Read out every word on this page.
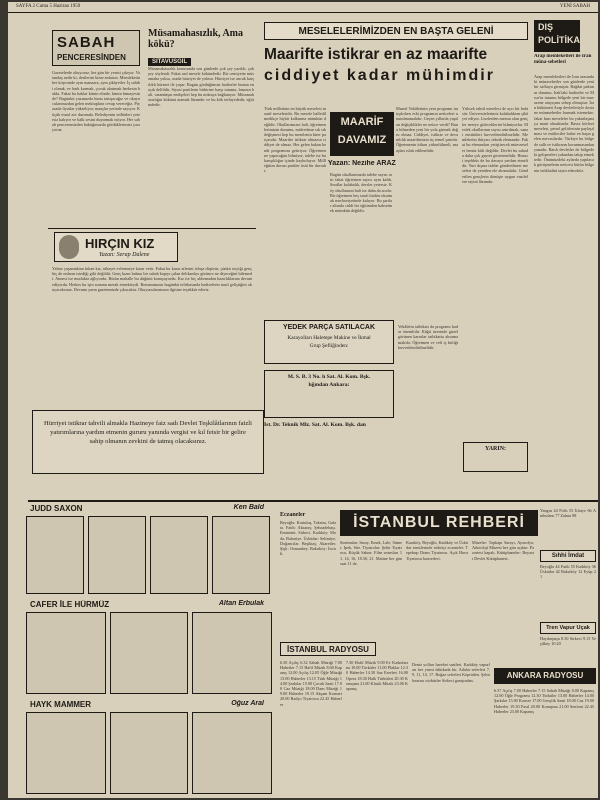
SAYFA 2 Cuma 5 Haziran 1959	YENİ SABAH
SABAH
PENCERESİNDEN
Gazetelerde okuyoruz, her gün bir yenisi çıkıyor. Vatandaş nedir ki, dertlerini kime anlatsın. Memleketin her köşesinde aynı manzara, aynı şikâyetler. İş sahibi olmak, ev bark kurmak, çocuk okutmak herkesin hakkı. Fakat bu haklar kimin elinde, kimin himayesinde? Bugünkü yazımızda bunu tartışacağız ve okuyucularımızdan gelen mektuplara cevap vereceğiz. Piyasada fiyatlar yükseliyor, maaşlar yerinde sayıyor. Küçük esnaf zor durumda. Belediyenin tedbirleri yetersiz kalıyor ve halk sesini duyurmak istiyor. Her sabah penceremizden baktığımızda gördüklerimizi yazıyoruz.
Müsamahasızlık, Ama kökü?
SITAVUSGIL
Müsamahasızlık konusunda son günlerde çok şey yazıldı, çok şey söylendi. Fakat asıl mesele kökündedir. Bir cemiyette müsamaha yoksa, orada hürriyet de yoktur. Hürriyet ise ancak karşılıklı hürmet ile yaşar. Bugün gördüğümüz hadiseler bunun en açık delilidir. Siyasi partilerin birbirine karşı tutumu, basının hali, vatandaşın endişeleri hep bu noktaya bağlanıyor. Müsamahasızlığın kökünü aramak lâzımdır ve bu kök terbiyededir, eğitimdedir.
HIRÇIN KIZ
Yazan: Serap Dalene
Yalnız yaşamaktan bıkan kız, nihayet evlenmeye karar verir. Fakat bu karar ailesini telaşa düşürür, çünkü seçtiği genç hiç de onların istediği gibi değildir. Genç kızın babası bir sabah kapıyı çalan delikanlıyı görünce ne diyeceğini bilemedi. Annesi ise mutfakta ağlıyordu. Bütün mahalle bu düğünü konuşuyordu. Kız ise hiç aldırmadan hazırlıklarına devam ediyordu. Herkes bu işin sonunu merak etmekteydi. Romanımızın bugünkü tefrikasında hadiselerin nasıl geliştiğini okuyacaksınız. Devamı yarın gazetemizde çıkacaktır. Okuyucularımızın ilgisine teşekkür ederiz.
Hürriyet istikrar tahvili almakla Hazineye faiz sadı Devlet Teşkilâtlarının faizli yatırımlarına yardım etmenin gururu yanında vergisi ve kıl fetsir bir gelire sahip olmanın zevkini de tatmış olacaksınız.
MESELELERİMİZDEN EN BAŞTA GELENİ
Maarifte istikrar en az maarifte
ciddiyet kadar mühimdir
MAARİF
DAVAMIZ
Yazan: Nezihe ARAZ
Türk milletinin en büyük meselesi maarif meselesidir. Bu mesele halledilmedikçe hiçbir kalkınma mümkün değildir. Okullarımızın hali, öğretmenlerimizin durumu, müfredatın sık sık değişmesi hep bu meselenin birer parçasıdır. Maarifte istikrar olmazsa ciddiyet de olmaz. Her gelen bakan kendi programını getiriyor. Öğretmen ne yapacağını bilmiyor, talebe ise bu karışıklığın içinde kayboluyor. Millî eğitim davası partiler üstü bir davadır.
Bugün okullarımızda talebe sayısı arttı fakat öğretmen sayısı aynı kaldı. Sınıflar kalabalık, dersler yetersiz. Köy okullarının hali ise daha da acıdır. Bir öğretmen beş sınıfı birden okutmak mecburiyetinde kalıyor. Bu şartlar altında ciddi bir eğitimden bahsetmek mümkün değildir.
Maarif Vekâletinin yeni programı tartışılırken eski programın neticeleri unutulmamalıdır. Geçen yıllarda yapılan değişiklikler ne netice verdi? Bunu bilmeden yeni bir yola girmek doğru olmaz. Ciddiyet, istikrar ve devamlılık maarifimizin üç temel şartıdır. Öğretmenin itibarı yükseltilmeli, maaşları ıslah edilmelidir.
Yüksek tahsil meselesi de ayrı bir bahistir. Üniversitelerimiz kalabalıktan şikâyet ediyor. Liselerden mezun olan gençler nereye gideceklerini bilmiyorlar. Meslek okullarının sayısı artırılmalı, sanat enstitüleri kuvvetlendirilmelidir. Memleketin ihtiyacı teknik elemandır. Fakat bu elemanları yetiştirecek müesseseler henüz kâfi değildir. Devlet bu sahada daha çok gayret göstermelidir. Hususi teşebbüs de bu davaya yardım etmelidir. Yurt dışına talebe gönderilmesi meselesi de yeniden ele alınmalıdır. Gönderilen gençlerin dönüşte uygun vazifelere tayini lâzımdır.
YEDEK PARÇA SATILACAK
Karayolları Haletepe Makine ve İkmal
Grup Şefliğinden:
M. S. B. 3 No. lı Sat. Al. Kom. Bşk.
lığından Ankara:
İst. Dr. Teknik Mlz. Sat. Al. Kom. Bşk. dan
Vekâletin tatbikatı da programı kadar önemlidir. Kâğıt üzerinde güzel görünen kararlar tatbikatta aksamamalıdır. Öğretmen ve veli iş birliği kuvvetlendirilmelidir.
YARIN:
DIŞ
POLİTİKA
Arap memleketleri ile İran müna-sebetleri
Arap memleketleri ile İran arasındaki münasebetler son günlerde yeni bir safhaya girmiştir. Bağdat paktının durumu, Irak'taki hadiseler ve Mısır'ın tutumu bölgede yeni bir muvazene arayışına sebep olmuştur. İran hükümeti Arap devletleriyle dostane münasebetler kurmak istemekte, fakat bazı meseleler bu yakınlaşmaya mani olmaktadır. Basra körfezi meselesi, petrol gelirlerinin paylaşılması ve mülteciler bahsi en başta gelen mevzulardır. Türkiye bu bölgede sulh ve istikrarın korunmasından yanadır. Batılı devletler de bölgedeki gelişmeleri yakından takip etmektedir. Önümüzdeki aylarda yapılacak görüşmelerin neticesi bütün bölgenin istikbalini tayin edecektir.
JUDD SAXON	Ken Bald
CAFER İLE HÜRMÜZ	Altan Erbulak
HAYK MAMMER	Oğuz Aral
Eczaneler	İSTANBUL REHBERİ
Beyoğlu: Kurtuluş, Taksim, Galata. Fatih: Aksaray, Şehzadebaşı. Eminönü: Sirkeci. Kadıköy: Moda, Bahariye. Üsküdar: Selimiye, Doğancılar. Beşiktaş: Akaretler. Şişli: Osmanbey. Bakırköy: İncirli.
Sinemalar: Saray, Emek, Lale, Sümer, Ipek, Site. Tiyatrolar: Şehir Tiyatrosu, Küçük Sahne. Film seansları 11, 14, 16, 18.30, 21. Matine her gün saat 11 de.
Karaköy, Beyoğlu, Kadıköy ve Üsküdar semtlerinde nöbetçi eczaneler. Tepebaşı Dram Tiyatrosu. Açık Hava Tiyatrosu konserleri.
Müzeler: Topkapı Sarayı, Ayasofya, Arkeoloji Müzesi her gün açıktır. Pazartesi kapalı. Kütüphaneler: Beyazıt Devlet Kütüphanesi.
İSTANBUL RADYOSU
6.30 Açılış 6.32 Sabah Müziği 7.00 Haberler 7.15 Hafif Müzik 8.00 Kapanış 12.00 Açılış 12.05 Öğle Müziği 13.00 Haberler 13.15 Türk Müziği 14.00 Şarkılar 15.00 Çocuk Saati 17.00 Caz Müziği 18.00 Dans Müziği 19.00 Haberler 19.15 Akşam Konseri 20.00 Radyo Tiyatrosu 22.45 Haberler
7.30 Hafif Müzik 9.00 Ev Kadınlarına 10.00 Türküler 11.00 Plaklar 12.30 Haberler 14.30 Saz Eserleri 16.00 Opera 18.30 Halk Türküleri 20.30 Konuşma 21.00 Klasik Müzik 23.00 Kapanış
Deniz yolları hareket saatleri. Kadıköy vapurları her yirmi dakikada bir. Adalar seferleri 7, 9, 11, 14, 17. Boğaz seferleri Köprüden. Şehirlerarası otobüsler Sirkeci garajından.
Yangın 44 Polis 55 İtfaiye 66 Ambulans 77 Zabıta 88
Sıhhi İmdat
Beyoğlu 44 Fatih 55 Kadıköy 36 Üsküdar 42 Bakırköy 12 Eyüp 21
Tren Vapur Uçak
Haydarpaşa 8.30 Sirkeci 9.15 Yeşilköy 10.20
ANKARA RADYOSU
6.57 Açılış 7.00 Haberler 7.15 Sabah Müziği 8.00 Kapanış 12.00 Öğle Programı 12.30 Türküler 13.00 Haberler 14.00 Şarkılar 15.00 Konser 17.00 Gençlik Saati 18.00 Caz 19.00 Haberler 19.30 Fasıl 20.00 Konuşma 21.00 Senfoni 22.45 Haberler 23.00 Kapanış
